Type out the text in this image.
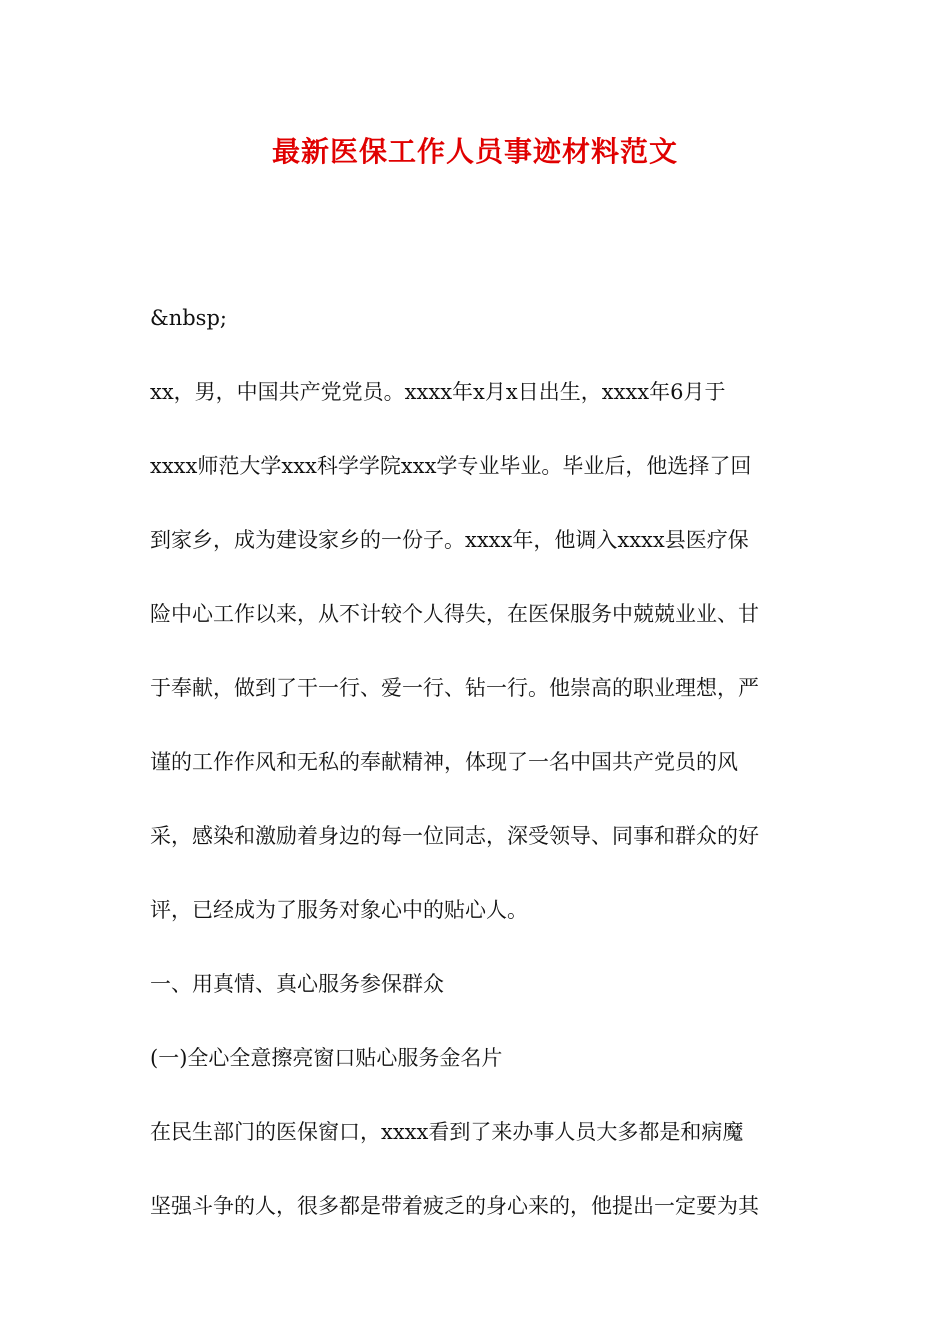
最新医保工作人员事迹材料范文
&nbsp;
xx，男，中国共产党党员。xxxx年x月x日出生，xxxx年6月于
xxxx师范大学xxx科学学院xxx学专业毕业。毕业后，他选择了回
到家乡，成为建设家乡的一份子。xxxx年，他调入xxxx县医疗保
险中心工作以来，从不计较个人得失，在医保服务中兢兢业业、甘
于奉献，做到了干一行、爱一行、钻一行。他崇高的职业理想，严
谨的工作作风和无私的奉献精神，体现了一名中国共产党员的风
采，感染和激励着身边的每一位同志，深受领导、同事和群众的好
评，已经成为了服务对象心中的贴心人。
一、用真情、真心服务参保群众
(一)全心全意擦亮窗口贴心服务金名片
在民生部门的医保窗口，xxxx看到了来办事人员大多都是和病魔
坚强斗争的人，很多都是带着疲乏的身心来的，他提出一定要为其
